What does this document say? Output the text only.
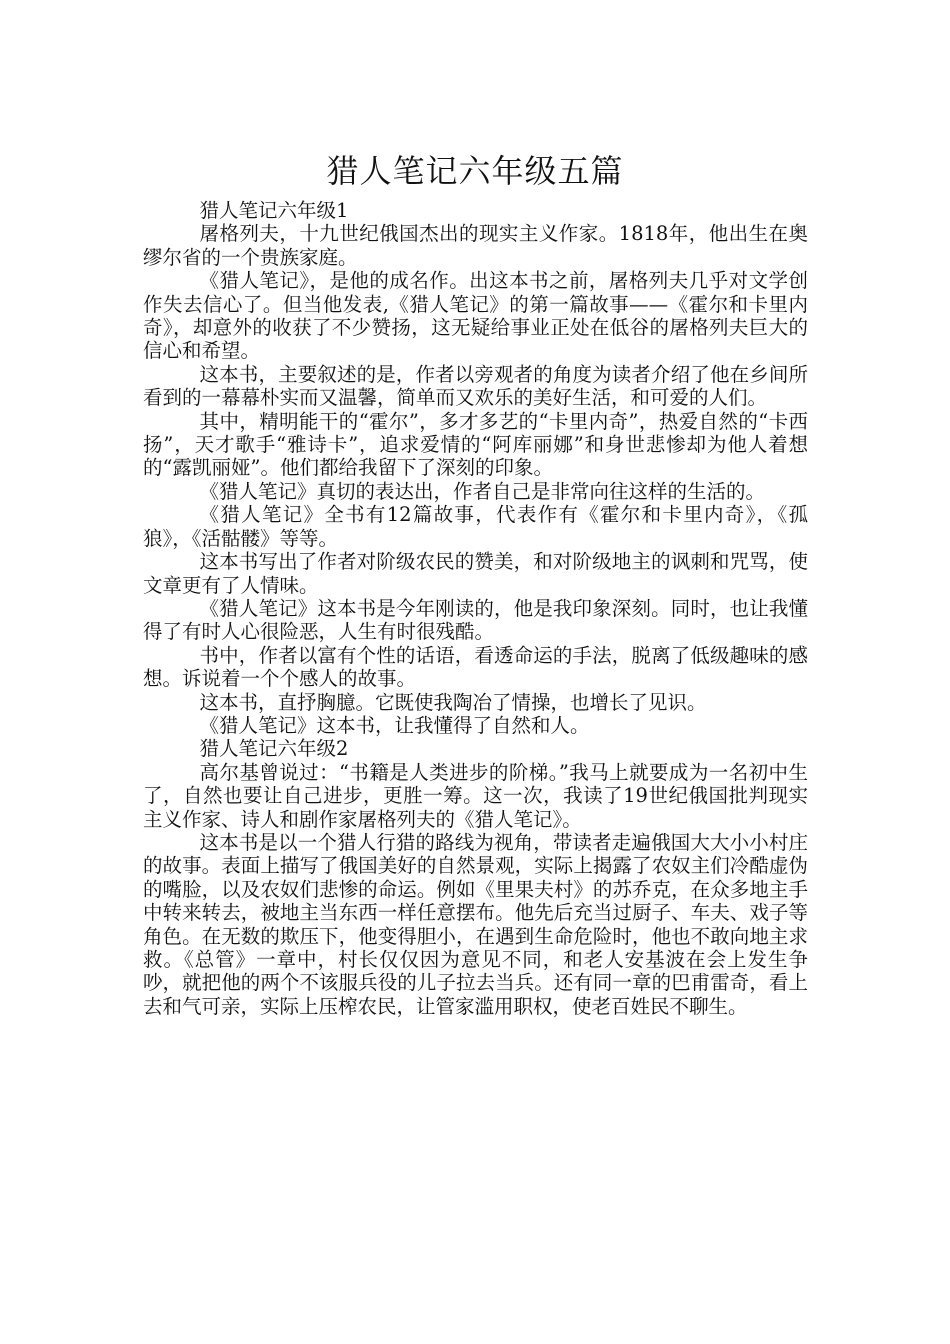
猎人笔记六年级五篇

猎人笔记六年级1

屠格列夫，十九世纪俄国杰出的现实主义作家。1818年，他出生在奥缪尔省的一个贵族家庭。

《猎人笔记》，是他的成名作。出这本书之前，屠格列夫几乎对文学创作失去信心了。但当他发表,《猎人笔记》的第一篇故事——《霍尔和卡里内奇》，却意外的收获了不少赞扬，这无疑给事业正处在低谷的屠格列夫巨大的信心和希望。

这本书，主要叙述的是，作者以旁观者的角度为读者介绍了他在乡间所看到的一幕幕朴实而又温馨，简单而又欢乐的美好生活，和可爱的人们。

其中，精明能干的“霍尔”，多才多艺的“卡里内奇”，热爱自然的“卡西扬”，天才歌手“雅诗卡”，追求爱情的“阿库丽娜”和身世悲惨却为他人着想的“露凯丽娅”。他们都给我留下了深刻的印象。

《猎人笔记》真切的表达出，作者自己是非常向往这样的生活的。

《猎人笔记》全书有12篇故事，代表作有《霍尔和卡里内奇》，《孤狼》，《活骷髅》等等。

这本书写出了作者对阶级农民的赞美，和对阶级地主的讽刺和咒骂，使文章更有了人情味。

《猎人笔记》这本书是今年刚读的，他是我印象深刻。同时，也让我懂得了有时人心很险恶，人生有时很残酷。

书中，作者以富有个性的话语，看透命运的手法，脱离了低级趣味的感想。诉说着一个个感人的故事。

这本书，直抒胸臆。它既使我陶冶了情操，也增长了见识。

《猎人笔记》这本书，让我懂得了自然和人。

猎人笔记六年级2

高尔基曾说过：“书籍是人类进步的阶梯。”我马上就要成为一名初中生了，自然也要让自己进步，更胜一筹。这一次，我读了19世纪俄国批判现实主义作家、诗人和剧作家屠格列夫的《猎人笔记》。

这本书是以一个猎人行猎的路线为视角，带读者走遍俄国大大小小村庄的故事。表面上描写了俄国美好的自然景观，实际上揭露了农奴主们冷酷虚伪的嘴脸，以及农奴们悲惨的命运。例如《里果夫村》的苏乔克，在众多地主手中转来转去，被地主当东西一样任意摆布。他先后充当过厨子、车夫、戏子等角色。在无数的欺压下，他变得胆小，在遇到生命危险时，他也不敢向地主求救。《总管》一章中，村长仅仅因为意见不同，和老人安基波在会上发生争吵，就把他的两个不该服兵役的儿子拉去当兵。还有同一章的巴甫雷奇，看上去和气可亲，实际上压榨农民，让管家滥用职权，使老百姓民不聊生。
